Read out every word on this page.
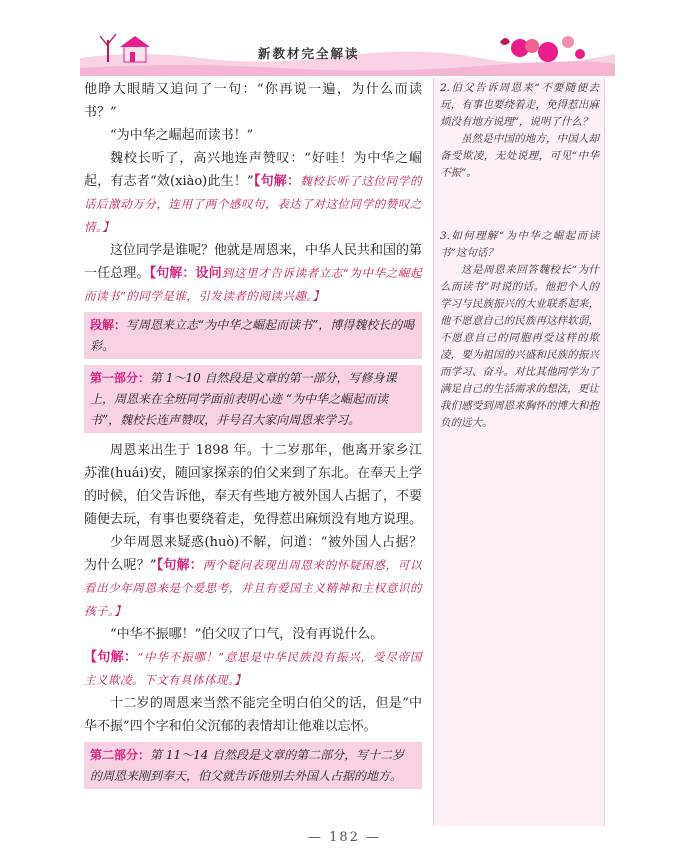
新教材完全解读

他睁大眼睛又追问了一句：“你再说一遍，为什么而读书？”

“为中华之崛起而读书！”

魏校长听了，高兴地连声赞叹：“好哇！为中华之崛起，有志者“效(xiào)此生！”【句解：魏校长听了这位同学的话后激动万分，连用了两个感叹句，表达了对这位同学的赞叹之情。】

这位同学是谁呢？他就是周恩来，中华人民共和国的第一任总理。【句解：设问到这里才告诉读者立志“为中华之崛起而读书”的同学是谁，引发读者的阅读兴趣。】

段解：写周恩来立志“为中华之崛起而读书”，博得魏校长的喝彩。
第一部分：第 1～10 自然段是文章的第一部分，写修身课上，周恩来在全班同学面前表明心迹 “为中华之崛起而读书”，魏校长连声赞叹，并号召大家向周恩来学习。

周恩来出生于 1898 年。十二岁那年，他离开家乡江苏淮(huái)安，随回家探亲的伯父来到了东北。在奉天上学的时候，伯父告诉他，奉天有些地方被外国人占据了，不要随便去玩，有事也要绕着走，免得惹出麻烦没有地方说理。

少年周恩来疑惑(huò)不解，问道：“被外国人占据？为什么呢？”【句解：两个疑问表现出周恩来的怀疑困惑，可以看出少年周恩来是个爱思考，并且有爱国主义精神和主权意识的孩子。】

“中华不振哪！”伯父叹了口气，没有再说什么。

【句解：“中华不振哪！”意思是中华民族没有振兴，受尽帝国主义欺凌。下文有具体体现。】

十二岁的周恩来当然不能完全明白伯父的话，但是“中华不振”四个字和伯父沉郁的表情却让他难以忘怀。

第二部分：第 11～14 自然段是文章的第二部分，写十二岁的周恩来刚到奉天，伯父就告诉他别去外国人占据的地方。

2.伯父告诉周恩来“不要随便去玩，有事也要绕着走，免得惹出麻烦没有地方说理”，说明了什么？

虽然是中国的地方，中国人却备受欺凌，无处说理，可见“中华不振”。

3.如何理解“为中华之崛起而读书”这句话？

这是周恩来回答魏校长“为什么而读书”时说的话。他把个人的学习与民族振兴的大业联系起来，他不愿意自己的民族再这样软弱，不愿意自己的同胞再受这样的欺凌，要为祖国的兴盛和民族的振兴而学习、奋斗。对比其他同学为了满足自己的生活需求的想法，更让我们感受到周恩来胸怀的博大和抱负的远大。

— 182 —
